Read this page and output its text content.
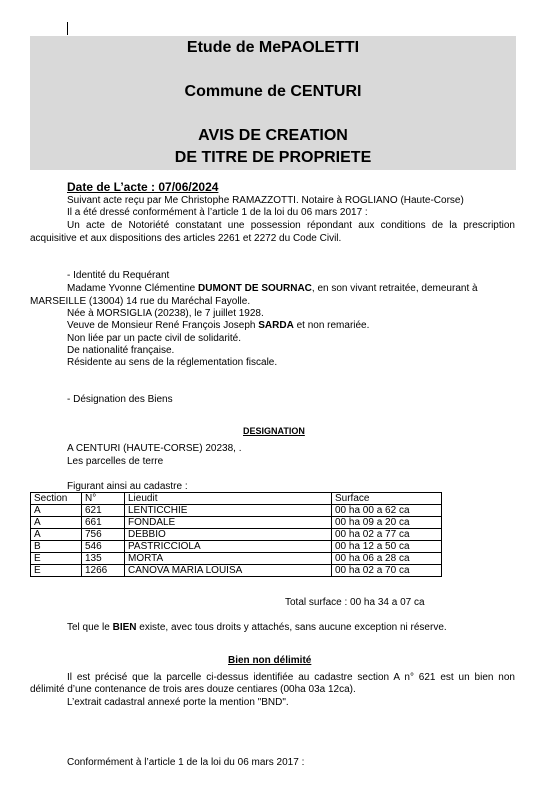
Etude de MePAOLETTI
Commune de CENTURI
AVIS DE CREATION
DE TITRE DE PROPRIETE
Date de L’acte : 07/06/2024
Suivant acte reçu par Me Christophe RAMAZZOTTI. Notaire à ROGLIANO (Haute-Corse)
Il a été dressé conformément à l’article 1 de la loi du 06 mars 2017 :
Un acte de Notoriété constatant une possession répondant aux conditions de la prescription
acquisitive et aux dispositions des articles 2261 et 2272 du Code Civil.
- Identité du Requérant
Madame Yvonne Clémentine DUMONT DE SOURNAC, en son vivant retraitée, demeurant à
MARSEILLE (13004) 14 rue du Maréchal Fayolle.
Née à MORSIGLIA (20238), le 7 juillet 1928.
Veuve de Monsieur René François Joseph SARDA et non remariée.
Non liée par un pacte civil de solidarité.
De nationalité française.
Résidente au sens de la réglementation fiscale.
- Désignation des Biens
DESIGNATION
A CENTURI (HAUTE-CORSE) 20238, .
Les parcelles de terre
Figurant ainsi au cadastre :
Section	N°	Lieudit	Surface
A	621	LENTICCHIE	00 ha 00 a 62 ca
A	661	FONDALE	00 ha 09 a 20 ca
A	756	DEBBIO	00 ha 02 a 77 ca
B	546	PASTRICCIOLA	00 ha 12 a 50 ca
E	135	MORTA	00 ha 06 a 28 ca
E	1266	CANOVA MARIA LOUISA	00 ha 02 a 70 ca
Total surface : 00 ha 34 a 07 ca
Tel que le BIEN existe, avec tous droits y attachés, sans aucune exception ni réserve.
Bien non délimité
Il est précisé que la parcelle ci-dessus identifiée au cadastre section A n° 621 est un bien non
délimité d’une contenance de trois ares douze centiares (00ha 03a 12ca).
L’extrait cadastral annexé porte la mention "BND".
Conformément à l’article 1 de la loi du 06 mars 2017 :
